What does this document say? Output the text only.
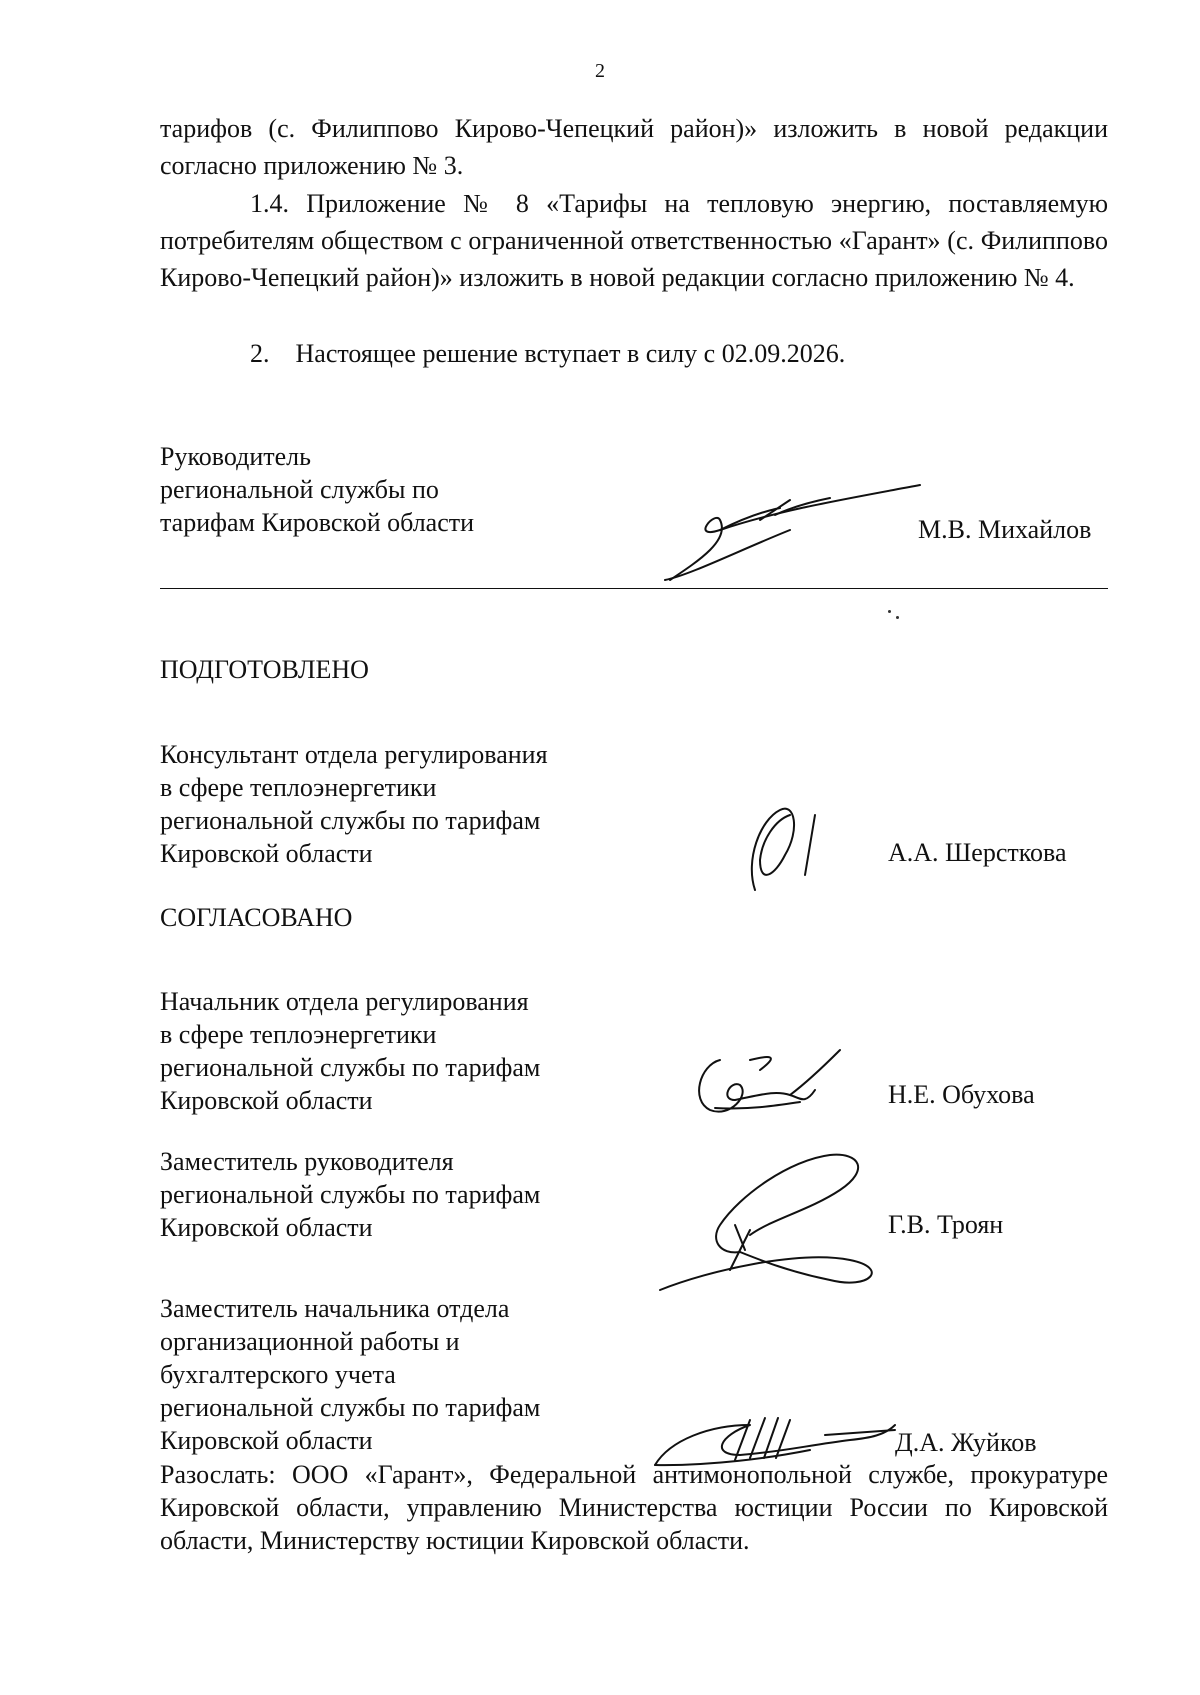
2

тарифов (с. Филиппово Кирово-Чепецкий район)» изложить в новой редакции согласно приложению № 3.

1.4. Приложение № 8 «Тарифы на тепловую энергию, поставляемую потребителям обществом с ограниченной ответственностью «Гарант» (с. Филиппово Кирово-Чепецкий район)» изложить в новой редакции согласно приложению № 4.

2.    Настоящее решение вступает в силу с 02.09.2026.

Руководитель
региональной службы по
тарифам Кировской области	М.В. Михайлов
ПОДГОТОВЛЕНО
Консультант отдела регулирования
в сфере теплоэнергетики
региональной службы по тарифам
Кировской области	А.А. Шерсткова
СОГЛАСОВАНО
Начальник отдела регулирования
в сфере теплоэнергетики
региональной службы по тарифам
Кировской области	Н.Е. Обухова
Заместитель руководителя
региональной службы по тарифам
Кировской области	Г.В. Троян
Заместитель начальника отдела
организационной работы и
бухгалтерского учета
региональной службы по тарифам
Кировской области	Д.А. Жуйков

Разослать: ООО «Гарант», Федеральной антимонопольной службе, прокуратуре Кировской области, управлению Министерства юстиции России по Кировской области, Министерству юстиции Кировской области.
